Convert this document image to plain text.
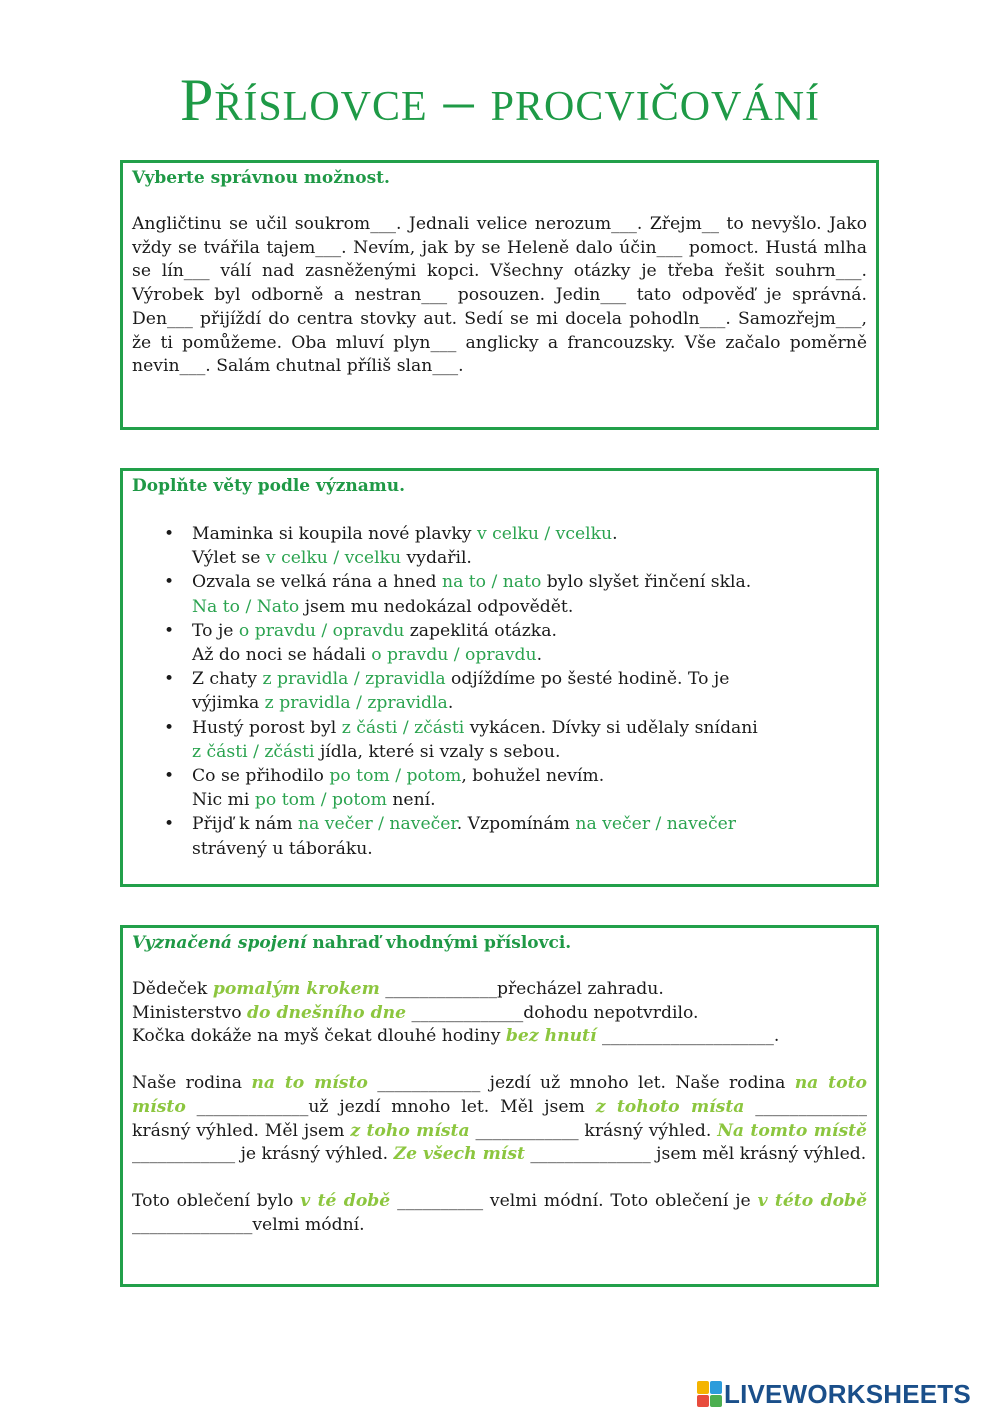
Příslovce – procvičování
Vyberte správnou možnost.
Angličtinu se učil soukrom___. Jednali velice nerozum___. Zřejm__ to nevyšlo. Jako vždy se tvářila tajem___. Nevím, jak by se Heleně dalo účin___ pomoct. Hustá mlha se lín___ válí nad zasněženými kopci. Všechny otázky je třeba řešit souhrn___. Výrobek byl odborně a nestran___ posouzen. Jedin___ tato odpověď je správná. Den___ přijíždí do centra stovky aut. Sedí se mi docela pohodln___. Samozřejm___, že ti pomůžeme. Oba mluví plyn___ anglicky a francouzsky. Vše začalo poměrně nevin___. Salám chutnal příliš slan___.
Doplňte věty podle významu.
• Maminka si koupila nové plavky v celku / vcelku.
Výlet se v celku / vcelku vydařil.
• Ozvala se velká rána a hned na to / nato bylo slyšet řinčení skla.
Na to / Nato jsem mu nedokázal odpovědět.
• To je o pravdu / opravdu zapeklitá otázka.
Až do noci se hádali o pravdu / opravdu.
• Z chaty z pravidla / zpravidla odjíždíme po šesté hodině. To je
výjimka z pravidla / zpravidla.
• Hustý porost byl z části / zčásti vykácen. Dívky si udělaly snídani
z části / zčásti jídla, které si vzaly s sebou.
• Co se přihodilo po tom / potom, bohužel nevím.
Nic mi po tom / potom není.
• Přijď k nám na večer / navečer. Vzpomínám na večer / navečer
strávený u táboráku.
Vyznačená spojení nahraď vhodnými příslovci.
Dědeček pomalým krokem _____________přecházel zahradu.
Ministerstvo do dnešního dne _____________dohodu nepotvrdilo.
Kočka dokáže na myš čekat dlouhé hodiny bez hnutí ____________________.
Naše rodina na to místo ____________ jezdí už mnoho let. Naše rodina na toto místo _____________už jezdí mnoho let. Měl jsem z tohoto místa _____________ krásný výhled. Měl jsem z toho místa ____________ krásný výhled. Na tomto místě ____________ je krásný výhled. Ze všech míst ______________ jsem měl krásný výhled.
Toto oblečení bylo v té době __________ velmi módní. Toto oblečení je v této době ______________velmi módní.
LIVEWORKSHEETS
